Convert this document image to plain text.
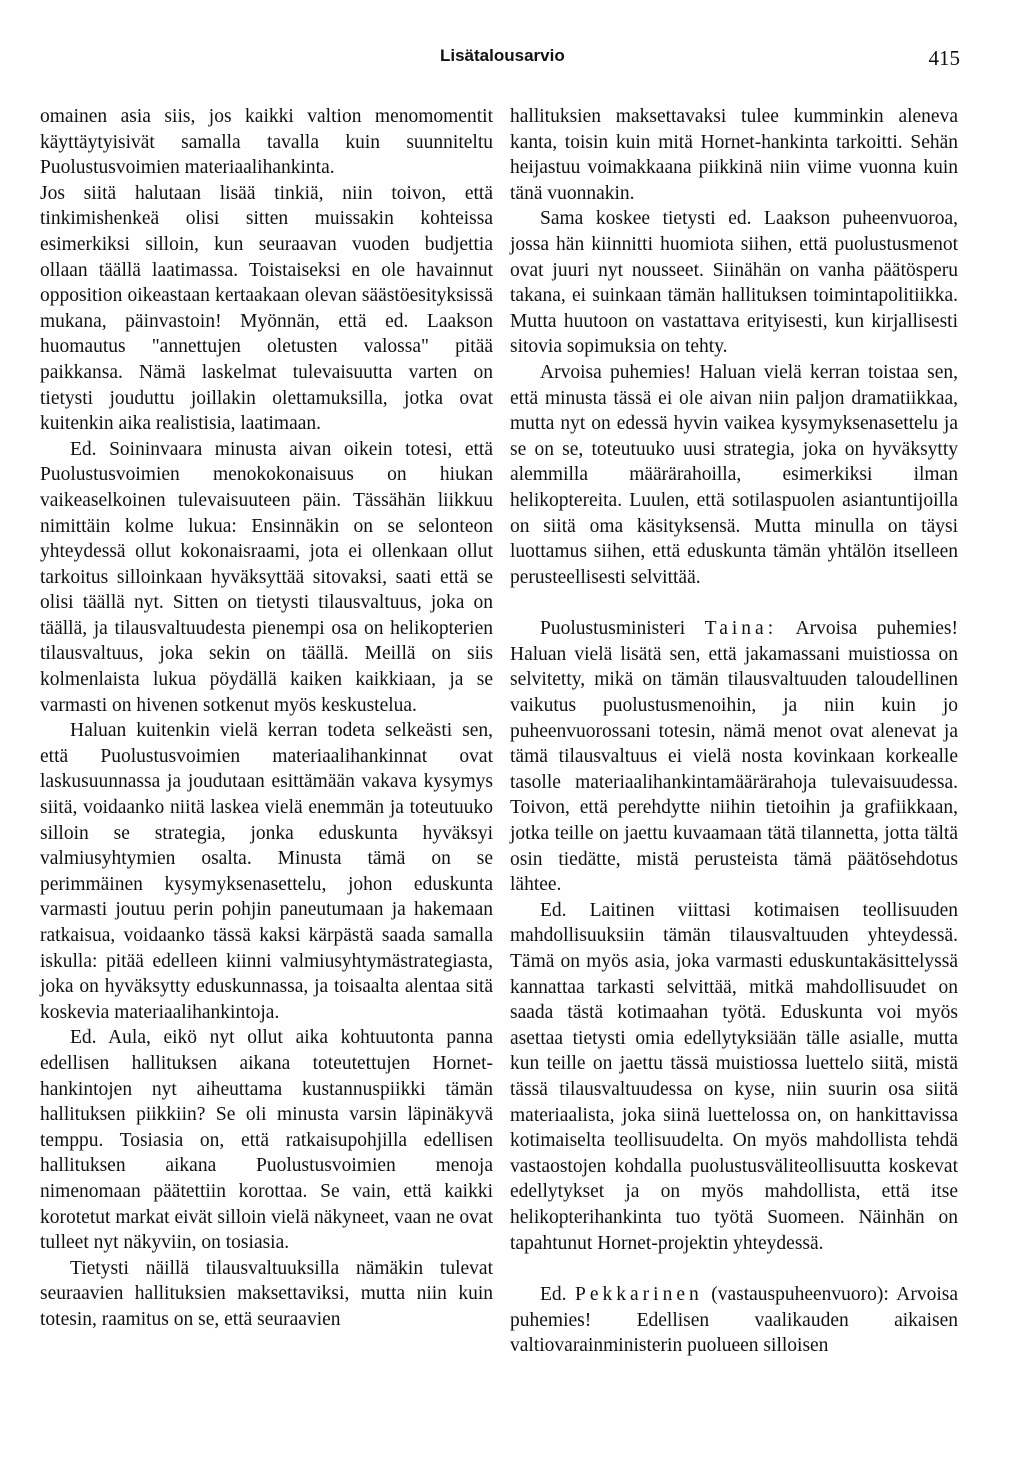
Lisätalousarvio	415

omainen asia siis, jos kaikki valtion menomomentit käyttäytyisivät samalla tavalla kuin suunniteltu Puolustusvoimien materiaalihankinta.

Jos siitä halutaan lisää tinkiä, niin toivon, että tinkimishenkeä olisi sitten muissakin kohteissa esimerkiksi silloin, kun seuraavan vuoden budjettia ollaan täällä laatimassa. Toistaiseksi en ole havainnut opposition oikeastaan kertaakaan olevan säästöesityksissä mukana, päinvastoin! Myönnän, että ed. Laakson huomautus "annettujen oletusten valossa" pitää paikkansa. Nämä laskelmat tulevaisuutta varten on tietysti jouduttu joillakin olettamuksilla, jotka ovat kuitenkin aika realistisia, laatimaan.

Ed. Soininvaara minusta aivan oikein totesi, että Puolustusvoimien menokokonaisuus on hiukan vaikeaselkoinen tulevaisuuteen päin. Tässähän liikkuu nimittäin kolme lukua: Ensinnäkin on se selonteon yhteydessä ollut kokonaisraami, jota ei ollenkaan ollut tarkoitus silloinkaan hyväksyttää sitovaksi, saati että se olisi täällä nyt. Sitten on tietysti tilausvaltuus, joka on täällä, ja tilausvaltuudesta pienempi osa on helikopterien tilausvaltuus, joka sekin on täällä. Meillä on siis kolmenlaista lukua pöydällä kaiken kaikkiaan, ja se varmasti on hivenen sotkenut myös keskustelua.

Haluan kuitenkin vielä kerran todeta selkeästi sen, että Puolustusvoimien materiaalihankinnat ovat laskusuunnassa ja joudutaan esittämään vakava kysymys siitä, voidaanko niitä laskea vielä enemmän ja toteutuuko silloin se strategia, jonka eduskunta hyväksyi valmiusyhtymien osalta. Minusta tämä on se perimmäinen kysymyksenasettelu, johon eduskunta varmasti joutuu perin pohjin paneutumaan ja hakemaan ratkaisua, voidaanko tässä kaksi kärpästä saada samalla iskulla: pitää edelleen kiinni valmiusyhtymästrategiasta, joka on hyväksytty eduskunnassa, ja toisaalta alentaa sitä koskevia materiaalihankintoja.

Ed. Aula, eikö nyt ollut aika kohtuutonta panna edellisen hallituksen aikana toteutettujen Hornet-hankintojen nyt aiheuttama kustannuspiikki tämän hallituksen piikkiin? Se oli minusta varsin läpinäkyvä temppu. Tosiasia on, että ratkaisupohjilla edellisen hallituksen aikana Puolustusvoimien menoja nimenomaan päätettiin korottaa. Se vain, että kaikki korotetut markat eivät silloin vielä näkyneet, vaan ne ovat tulleet nyt näkyviin, on tosiasia.

Tietysti näillä tilausvaltuuksilla nämäkin tulevat seuraavien hallituksien maksettaviksi, mutta niin kuin totesin, raamitus on se, että seuraavien

hallituksien maksettavaksi tulee kumminkin aleneva kanta, toisin kuin mitä Hornet-hankinta tarkoitti. Sehän heijastuu voimakkaana piikkinä niin viime vuonna kuin tänä vuonnakin.

Sama koskee tietysti ed. Laakson puheenvuoroa, jossa hän kiinnitti huomiota siihen, että puolustusmenot ovat juuri nyt nousseet. Siinähän on vanha päätösperu takana, ei suinkaan tämän hallituksen toimintapolitiikka. Mutta huutoon on vastattava erityisesti, kun kirjallisesti sitovia sopimuksia on tehty.

Arvoisa puhemies! Haluan vielä kerran toistaa sen, että minusta tässä ei ole aivan niin paljon dramatiikkaa, mutta nyt on edessä hyvin vaikea kysymyksenasettelu ja se on se, toteutuuko uusi strategia, joka on hyväksytty alemmilla määrärahoilla, esimerkiksi ilman helikoptereita. Luulen, että sotilaspuolen asiantuntijoilla on siitä oma käsityksensä. Mutta minulla on täysi luottamus siihen, että eduskunta tämän yhtälön itselleen perusteellisesti selvittää.

Puolustusministeri Taina: Arvoisa puhemies! Haluan vielä lisätä sen, että jakamassani muistiossa on selvitetty, mikä on tämän tilausvaltuuden taloudellinen vaikutus puolustusmenoihin, ja niin kuin jo puheenvuorossani totesin, nämä menot ovat alenevat ja tämä tilausvaltuus ei vielä nosta kovinkaan korkealle tasolle materiaalihankintamäärärahoja tulevaisuudessa. Toivon, että perehdytte niihin tietoihin ja grafiikkaan, jotka teille on jaettu kuvaamaan tätä tilannetta, jotta tältä osin tiedätte, mistä perusteista tämä päätösehdotus lähtee.

Ed. Laitinen viittasi kotimaisen teollisuuden mahdollisuuksiin tämän tilausvaltuuden yhteydessä. Tämä on myös asia, joka varmasti eduskuntakäsittelyssä kannattaa tarkasti selvittää, mitkä mahdollisuudet on saada tästä kotimaahan työtä. Eduskunta voi myös asettaa tietysti omia edellytyksiään tälle asialle, mutta kun teille on jaettu tässä muistiossa luettelo siitä, mistä tässä tilausvaltuudessa on kyse, niin suurin osa siitä materiaalista, joka siinä luettelossa on, on hankittavissa kotimaiselta teollisuudelta. On myös mahdollista tehdä vastaostojen kohdalla puolustusväliteollisuutta koskevat edellytykset ja on myös mahdollista, että itse helikopterihankinta tuo työtä Suomeen. Näinhän on tapahtunut Hornet-projektin yhteydessä.

Ed. Pekkarinen (vastauspuheenvuoro): Arvoisa puhemies! Edellisen vaalikauden aikaisen valtiovarainministerin puolueen silloisen
